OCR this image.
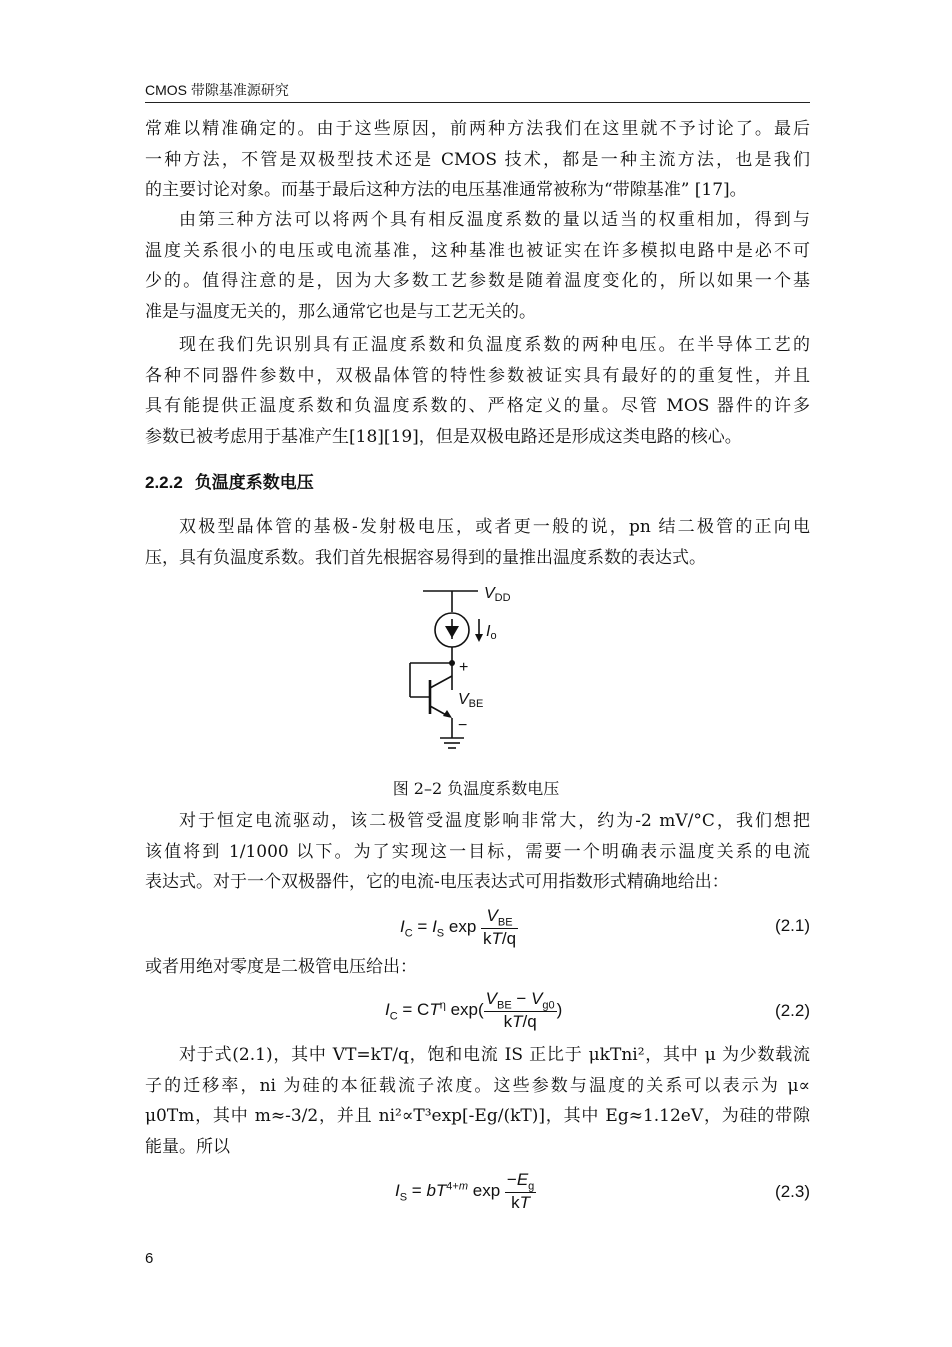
CMOS 带隙基准源研究
常难以精准确定的。由于这些原因，前两种方法我们在这里就不予讨论了。最后
一种方法，不管是双极型技术还是 CMOS 技术，都是一种主流方法，也是我们
的主要讨论对象。而基于最后这种方法的电压基准通常被称为“带隙基准” [17]。
由第三种方法可以将两个具有相反温度系数的量以适当的权重相加，得到与
温度关系很小的电压或电流基准，这种基准也被证实在许多模拟电路中是必不可
少的。值得注意的是，因为大多数工艺参数是随着温度变化的，所以如果一个基
准是与温度无关的，那么通常它也是与工艺无关的。
现在我们先识别具有正温度系数和负温度系数的两种电压。在半导体工艺的
各种不同器件参数中，双极晶体管的特性参数被证实具有最好的的重复性，并且
具有能提供正温度系数和负温度系数的、严格定义的量。尽管 MOS 器件的许多
参数已被考虑用于基准产生[18][19]，但是双极电路还是形成这类电路的核心。
2.2.2 负温度系数电压
双极型晶体管的基极-发射极电压，或者更一般的说，pn 结二极管的正向电
压，具有负温度系数。我们首先根据容易得到的量推出温度系数的表达式。
VDD
Io
+
VBE
−
图 2–2 负温度系数电压
对于恒定电流驱动，该二极管受温度影响非常大，约为-2 mV/°C，我们想把
该值将到 1/1000 以下。为了实现这一目标，需要一个明确表示温度关系的电流
表达式。对于一个双极器件，它的电流-电压表达式可用指数形式精确地给出：
$I_C = I_S$ $\exp \frac{V_{BE}}{kT/q}$	(2.1)
或者用绝对零度是二极管电压给出：
$I_C = CT^\eta$ $\exp( \frac{V_{BE} - V_{g0}}{kT/q}$ )	(2.2)
对于式(2.1)，其中 VT=kT/q，饱和电流 IS 正比于 μkTni²，其中 μ 为少数载流
子的迁移率，ni 为硅的本征载流子浓度。这些参数与温度的关系可以表示为 μ∝
μ0Tm，其中 m≈-3/2，并且 ni²∝T³exp[-Eg/(kT)]，其中 Eg≈1.12eV，为硅的带隙
能量。所以
$I_S = bT^{4+m}$ $\exp \frac{-E_g}{kT}$	(2.3)
6
